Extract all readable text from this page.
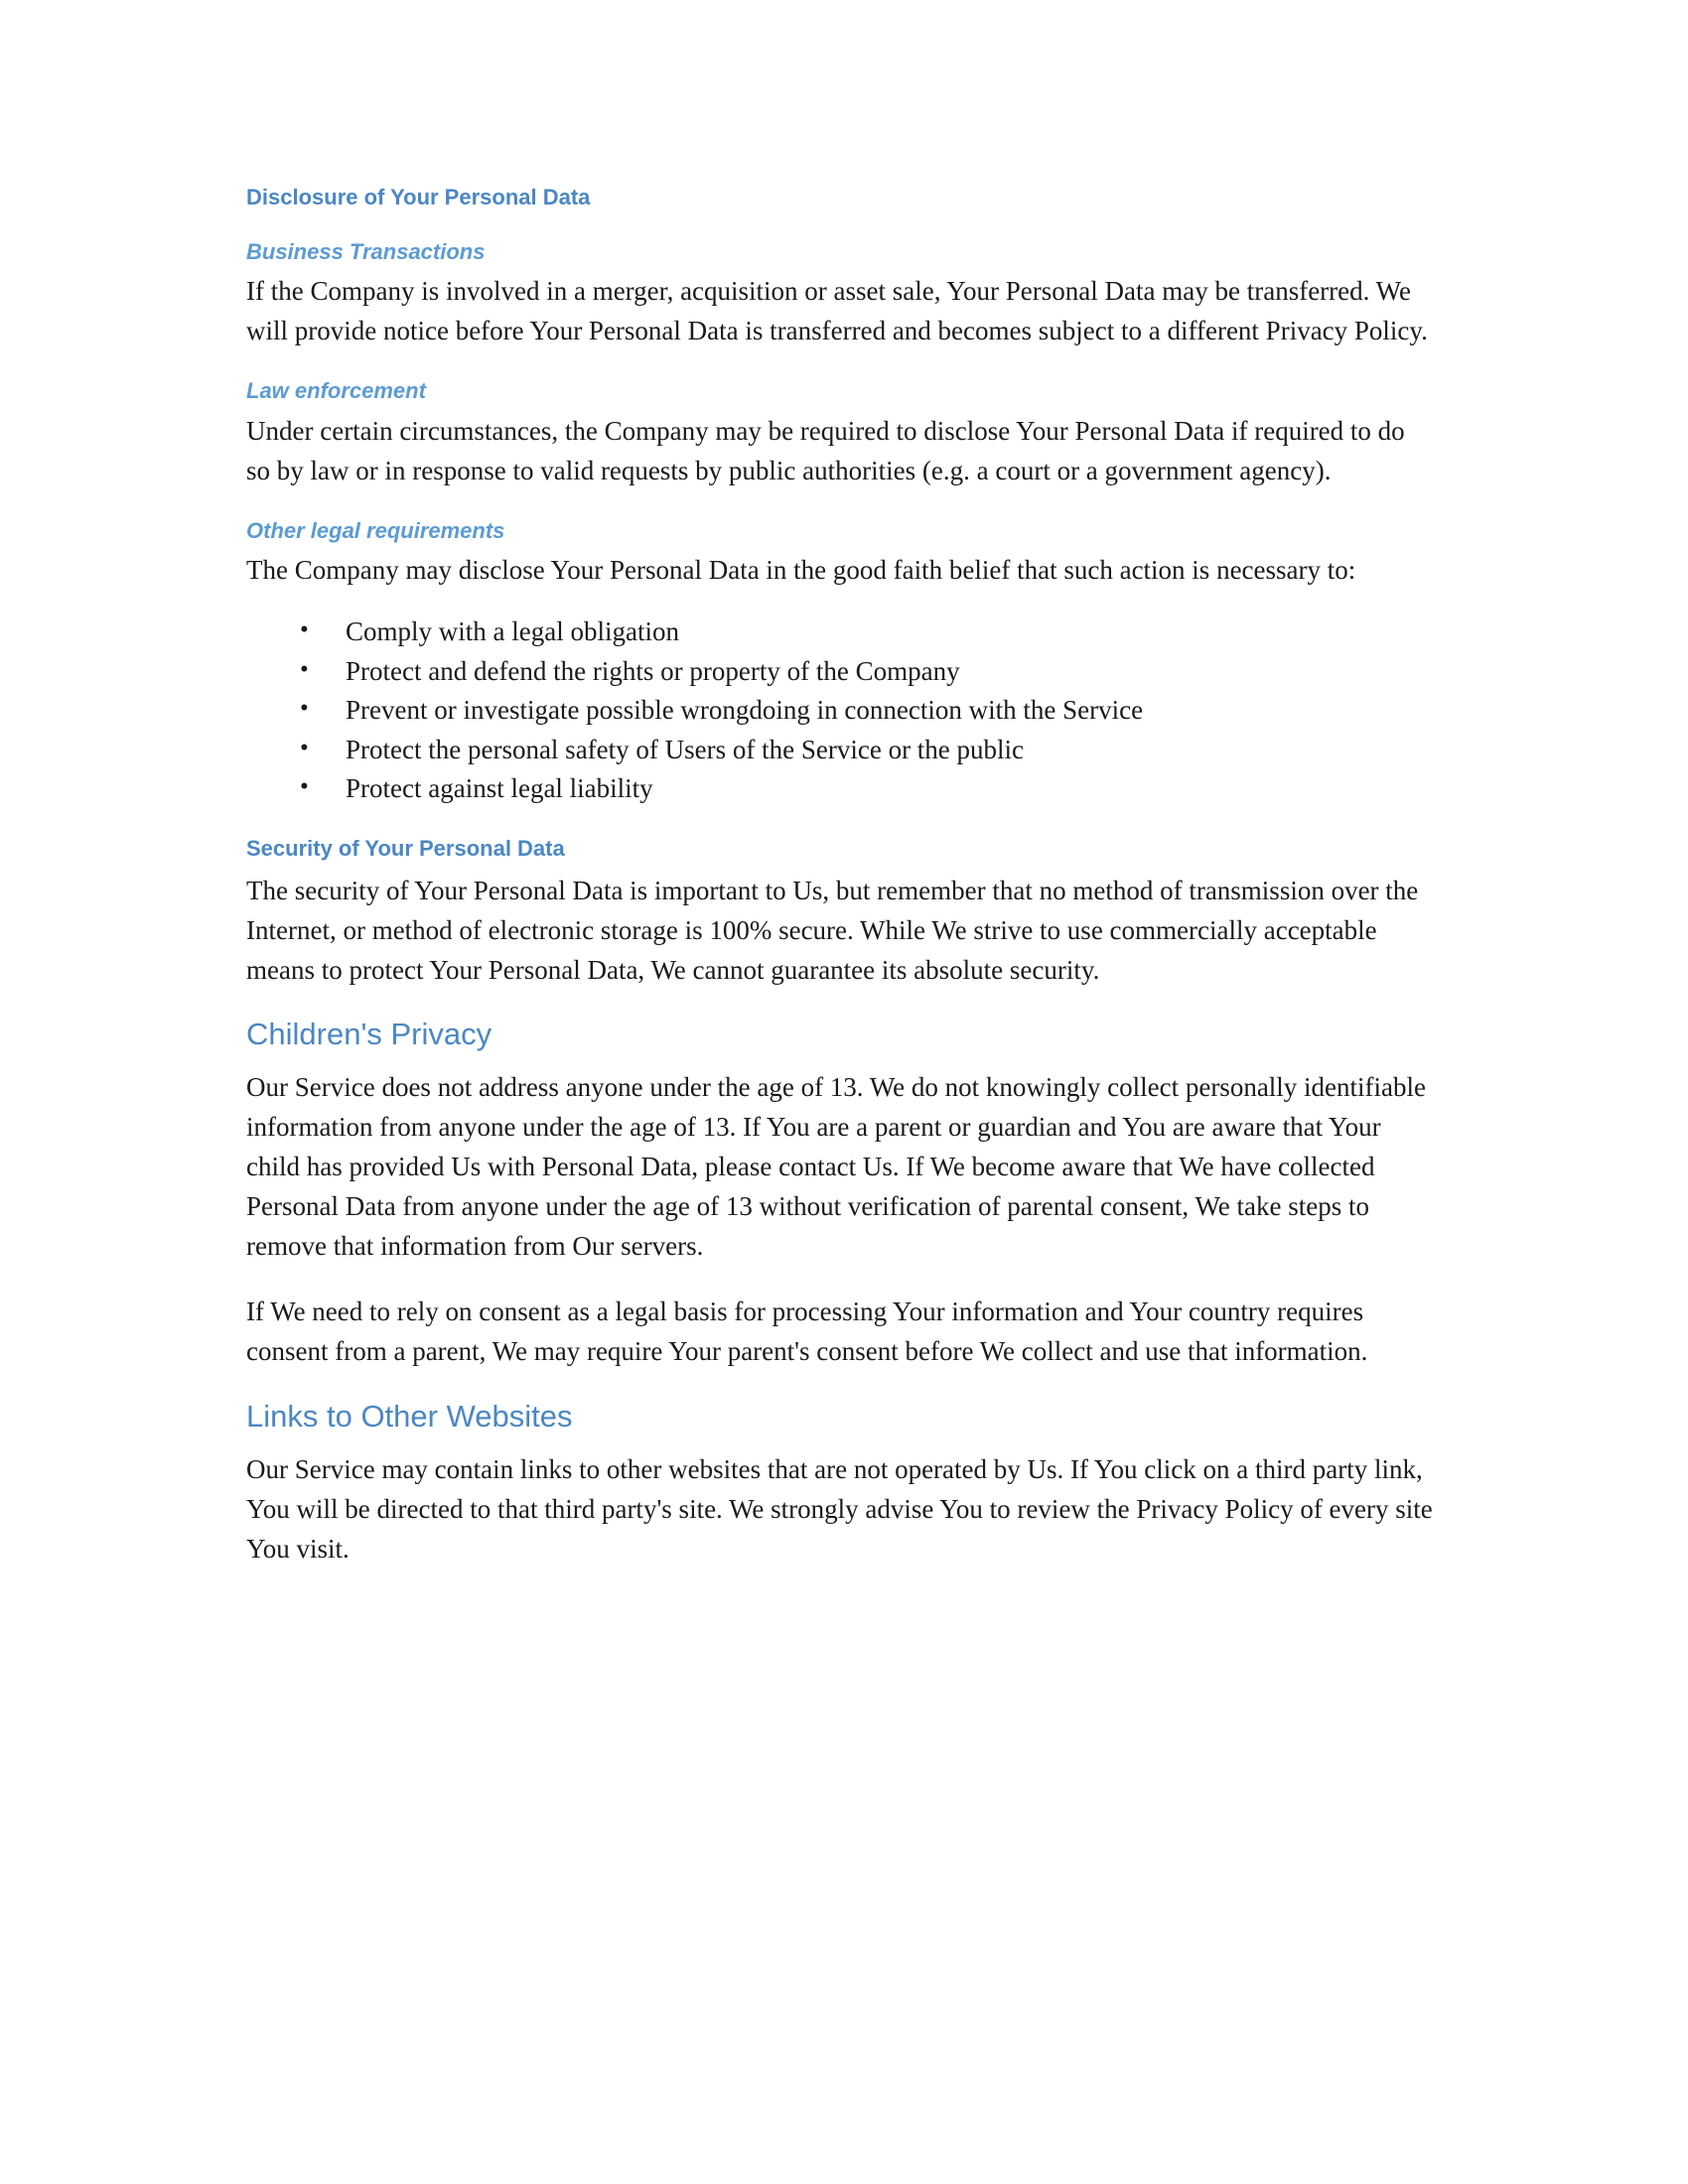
Disclosure of Your Personal Data
Business Transactions

If the Company is involved in a merger, acquisition or asset sale, Your Personal Data may be transferred. We will provide notice before Your Personal Data is transferred and becomes subject to a different Privacy Policy.

Law enforcement

Under certain circumstances, the Company may be required to disclose Your Personal Data if required to do so by law or in response to valid requests by public authorities (e.g. a court or a government agency).

Other legal requirements

The Company may disclose Your Personal Data in the good faith belief that such action is necessary to:

• Comply with a legal obligation
• Protect and defend the rights or property of the Company
• Prevent or investigate possible wrongdoing in connection with the Service
• Protect the personal safety of Users of the Service or the public
• Protect against legal liability
Security of Your Personal Data

The security of Your Personal Data is important to Us, but remember that no method of transmission over the Internet, or method of electronic storage is 100% secure. While We strive to use commercially acceptable means to protect Your Personal Data, We cannot guarantee its absolute security.

Children's Privacy

Our Service does not address anyone under the age of 13. We do not knowingly collect personally identifiable information from anyone under the age of 13. If You are a parent or guardian and You are aware that Your child has provided Us with Personal Data, please contact Us. If We become aware that We have collected Personal Data from anyone under the age of 13 without verification of parental consent, We take steps to remove that information from Our servers.

If We need to rely on consent as a legal basis for processing Your information and Your country requires consent from a parent, We may require Your parent's consent before We collect and use that information.

Links to Other Websites

Our Service may contain links to other websites that are not operated by Us. If You click on a third party link, You will be directed to that third party's site. We strongly advise You to review the Privacy Policy of every site You visit.
